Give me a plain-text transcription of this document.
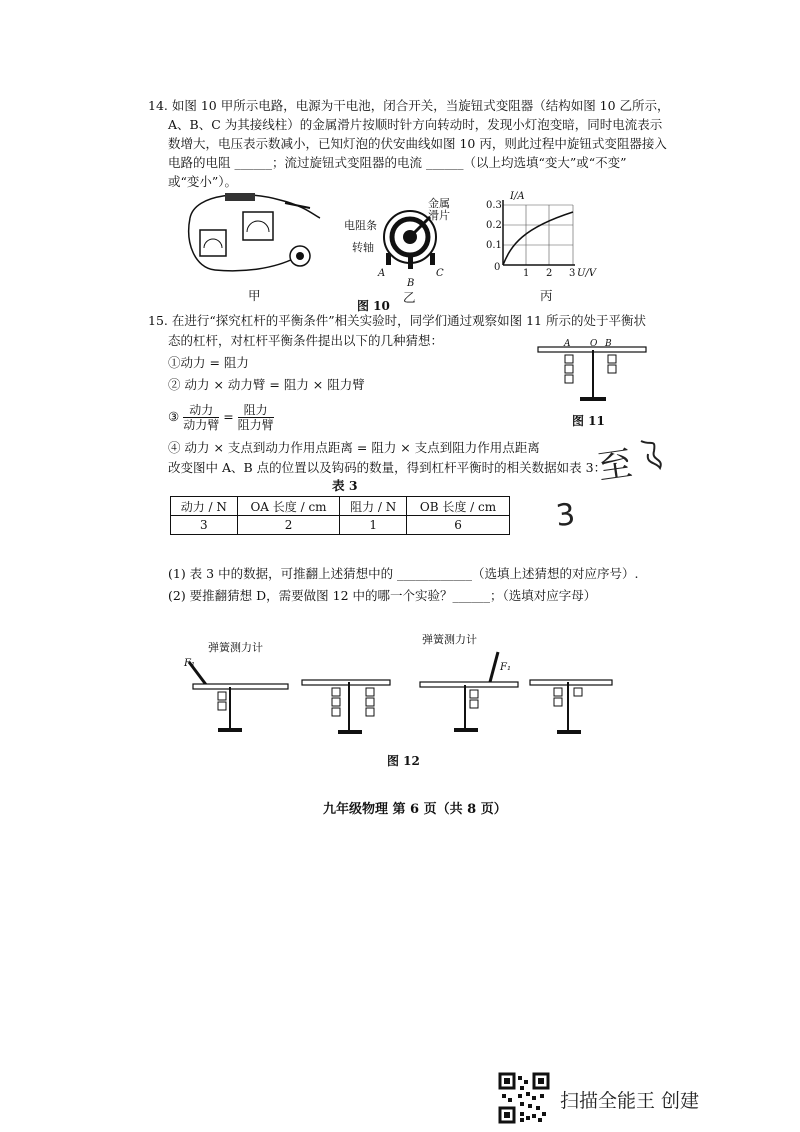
14. 如图 10 甲所示电路，电源为干电池，闭合开关，当旋钮式变阻器（结构如图 10 乙所示，
A、B、C 为其接线柱）的金属滑片按顺时针方向转动时，发现小灯泡变暗，同时电流表示
数增大，电压表示数减小，已知灯泡的伏安曲线如图 10 丙，则此过程中旋钮式变阻器接入
电路的电阻 ______；流过旋钮式变阻器的电流 ______（以上均选填“变大”或“不变”
或“变小”）。
甲
电阻条
转轴
金属
滑片
A
B
C
图 10
乙
I/A
0.3
0.2
0.1
0
1 2 3 U/V
丙
15. 在进行“探究杠杆的平衡条件”相关实验时，同学们通过观察如图 11 所示的处于平衡状
态的杠杆，对杠杆平衡条件提出以下的几种猜想：
①动力 = 阻力
② 动力 × 动力臂 = 阻力 × 阻力臂
③ $\frac{\text{动力}}{\text{动力臂}} = \frac{\text{阻力}}{\text{阻力臂}}$
④ 动力 × 支点到动力作用点距离 = 阻力 × 支点到阻力作用点距离
改变图中 A、B 点的位置以及钩码的数量，得到杠杆平衡时的相关数据如表 3：
A O B
图 11
至
3
表 3
动力 / N	OA 长度 / cm	阻力 / N	OB 长度 / cm
3	2	1	6
(1) 表 3 中的数据，可推翻上述猜想中的 ____________（选填上述猜想的对应序号）.
(2) 要推翻猜想 D，需要做图 12 中的哪一个实验？______；（选填对应字母）
弹簧测力计
弹簧测力计
F₁	F₁
图 12
九年级物理 第 6 页（共 8 页）
扫描全能王 创建
